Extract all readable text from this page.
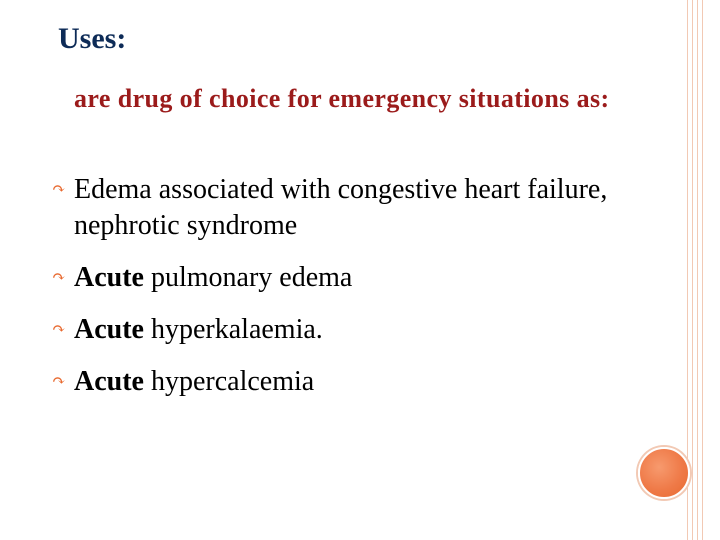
Uses:

are drug of choice for emergency situations as:

↷ Edema associated with congestive heart failure, nephrotic syndrome
↷ Acute pulmonary edema
↷ Acute hyperkalaemia.
↷ Acute hypercalcemia
